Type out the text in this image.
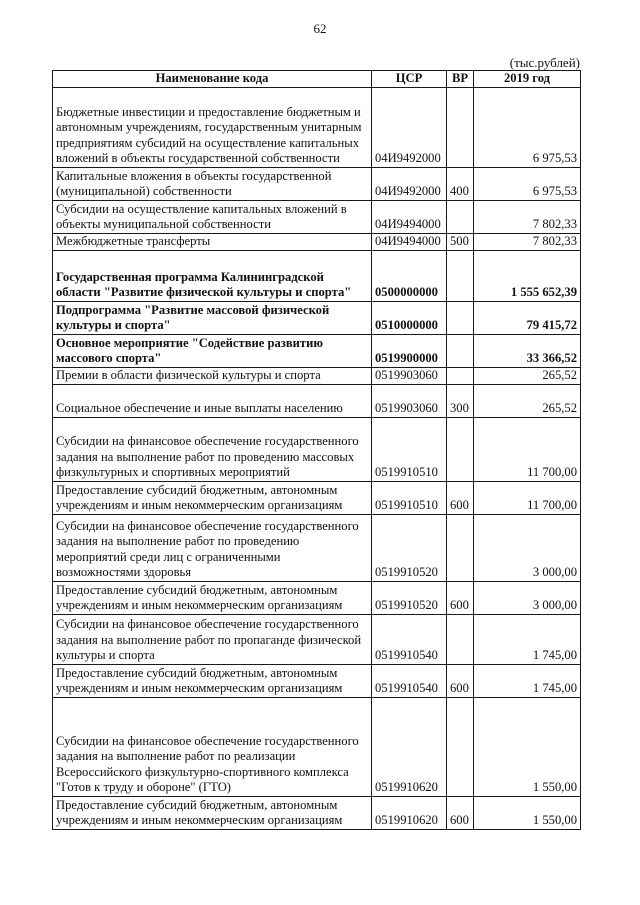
62
(тыс.рублей)
Наименование кода	ЦСР	ВР	2019 год
Бюджетные инвестиции и предоставление бюджетным и автономным учреждениям, государственным унитарным предприятиям субсидий на осуществление капитальных вложений в объекты государственной собственности	04И9492000		6 975,53
Капитальные вложения в объекты государственной (муниципальной) собственности	04И9492000	400	6 975,53
Субсидии на осуществление капитальных вложений в объекты муниципальной собственности	04И9494000		7 802,33
Межбюджетные трансферты	04И9494000	500	7 802,33
Государственная программа Калининградской области "Развитие физической культуры и спорта"	0500000000		1 555 652,39
Подпрограмма "Развитие массовой физической культуры и спорта"	0510000000		79 415,72
Основное мероприятие "Содействие развитию массового спорта"	0519900000		33 366,52
Премии в области физической культуры и спорта	0519903060		265,52
Социальное обеспечение и иные выплаты населению	0519903060	300	265,52
Субсидии на финансовое обеспечение государственного задания на выполнение работ по проведению массовых физкультурных и спортивных мероприятий	0519910510		11 700,00
Предоставление субсидий бюджетным, автономным учреждениям и иным некоммерческим организациям	0519910510	600	11 700,00
Субсидии на финансовое обеспечение государственного задания на выполнение работ по проведению мероприятий среди лиц с ограниченными возможностями здоровья	0519910520		3 000,00
Предоставление субсидий бюджетным, автономным учреждениям и иным некоммерческим организациям	0519910520	600	3 000,00
Субсидии на финансовое обеспечение государственного задания на выполнение работ по пропаганде физической культуры и спорта	0519910540		1 745,00
Предоставление субсидий бюджетным, автономным учреждениям и иным некоммерческим организациям	0519910540	600	1 745,00
Субсидии на финансовое обеспечение государственного задания на выполнение работ по реализации Всероссийского физкультурно-спортивного комплекса "Готов к труду и обороне" (ГТО)	0519910620		1 550,00
Предоставление субсидий бюджетным, автономным учреждениям и иным некоммерческим организациям	0519910620	600	1 550,00
